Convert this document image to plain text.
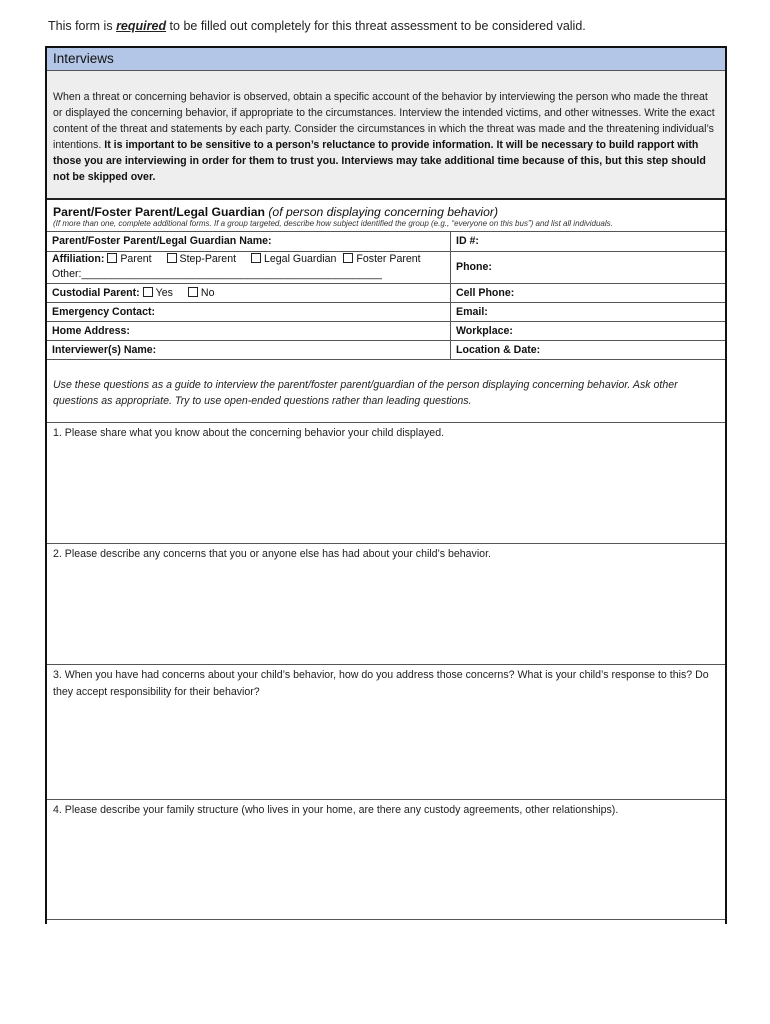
This form is required to be filled out completely for this threat assessment to be considered valid.
Interviews
When a threat or concerning behavior is observed, obtain a specific account of the behavior by interviewing the person who made the threat or displayed the concerning behavior, if appropriate to the circumstances. Interview the intended victims, and other witnesses. Write the exact content of the threat and statements by each party. Consider the circumstances in which the threat was made and the threatening individual’s intentions. It is important to be sensitive to a person’s reluctance to provide information. It will be necessary to build rapport with those you are interviewing in order for them to trust you. Interviews may take additional time because of this, but this step should not be skipped over.
Parent/Foster Parent/Legal Guardian (of person displaying concerning behavior)
(If more than one, complete additional forms. If a group targeted, describe how subject identified the group (e.g., “everyone on this bus”) and list all individuals.
Parent/Foster Parent/Legal Guardian Name:	ID #:
Affiliation: Parent Step-Parent Legal Guardian Foster Parent
Other:___________________________________________________	Phone:
Custodial Parent: Yes No	Cell Phone:
Emergency Contact:	Email:
Home Address:	Workplace:
Interviewer(s) Name:	Location & Date:
Use these questions as a guide to interview the parent/foster parent/guardian of the person displaying concerning behavior. Ask other questions as appropriate. Try to use open-ended questions rather than leading questions.
1. Please share what you know about the concerning behavior your child displayed.
2. Please describe any concerns that you or anyone else has had about your child’s behavior.
3. When you have had concerns about your child’s behavior, how do you address those concerns? What is your child’s response to this? Do they accept responsibility for their behavior?
4. Please describe your family structure (who lives in your home, are there any custody agreements, other relationships).
